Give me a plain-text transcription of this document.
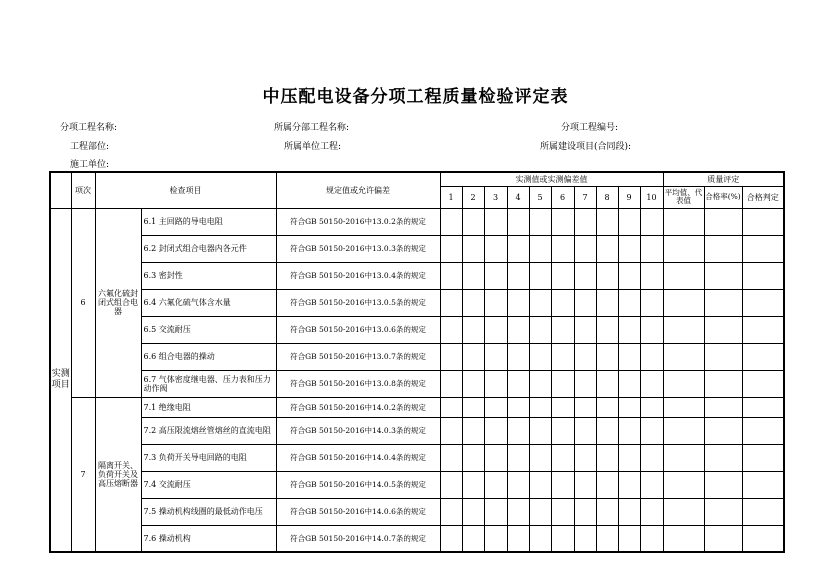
中压配电设备分项工程质量检验评定表
分项工程名称:	所属分部工程名称:	分项工程编号:
工程部位:	所属单位工程:	所属建设项目(合同段):
施工单位:
	项次	检查项目		规定值或允许偏差	实测值或实测偏差值										质量评定		
					1	2	3	4	5	6	7	8	9	10	平均值、代表值	合格率(%)	合格判定
实测项目	6	六氟化硫封闭式组合电器	6.1 主回路的导电电阻	符合GB 50150-2016中13.0.2条的规定													
			6.2 封闭式组合电器内各元件	符合GB 50150-2016中13.0.3条的规定													
			6.3 密封性	符合GB 50150-2016中13.0.4条的规定													
			6.4 六氟化硫气体含水量	符合GB 50150-2016中13.0.5条的规定													
			6.5 交流耐压	符合GB 50150-2016中13.0.6条的规定													
			6.6 组合电器的操动	符合GB 50150-2016中13.0.7条的规定													
			6.7 气体密度继电器、压力表和压力动作阀	符合GB 50150-2016中13.0.8条的规定													
	7	隔离开关、负荷开关及高压熔断器	7.1 绝缘电阻	符合GB 50150-2016中14.0.2条的规定													
			7.2 高压限流熔丝管熔丝的直流电阻	符合GB 50150-2016中14.0.3条的规定													
			7.3 负荷开关导电回路的电阻	符合GB 50150-2016中14.0.4条的规定													
			7.4 交流耐压	符合GB 50150-2016中14.0.5条的规定													
			7.5 操动机构线圈的最低动作电压	符合GB 50150-2016中14.0.6条的规定													
			7.6 操动机构	符合GB 50150-2016中14.0.7条的规定													
